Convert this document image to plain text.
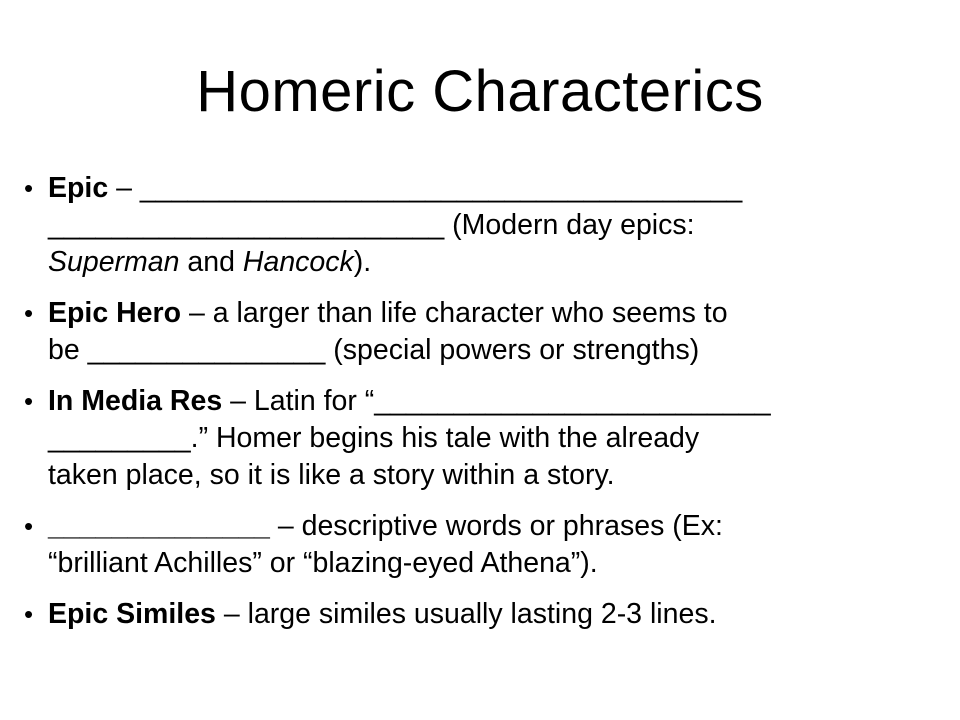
Homeric Characterics
• Epic – ______________________________________
_________________________ (Modern day epics:
Superman and Hancock).
• Epic Hero – a larger than life character who seems to
be _______________ (special powers or strengths)
• In Media Res – Latin for “_________________________
_________.” Homer begins his tale with the already
taken place, so it is like a story within a story.
• ______________ – descriptive words or phrases (Ex:
“brilliant Achilles” or “blazing-eyed Athena”).
• Epic Similes – large similes usually lasting 2-3 lines.
